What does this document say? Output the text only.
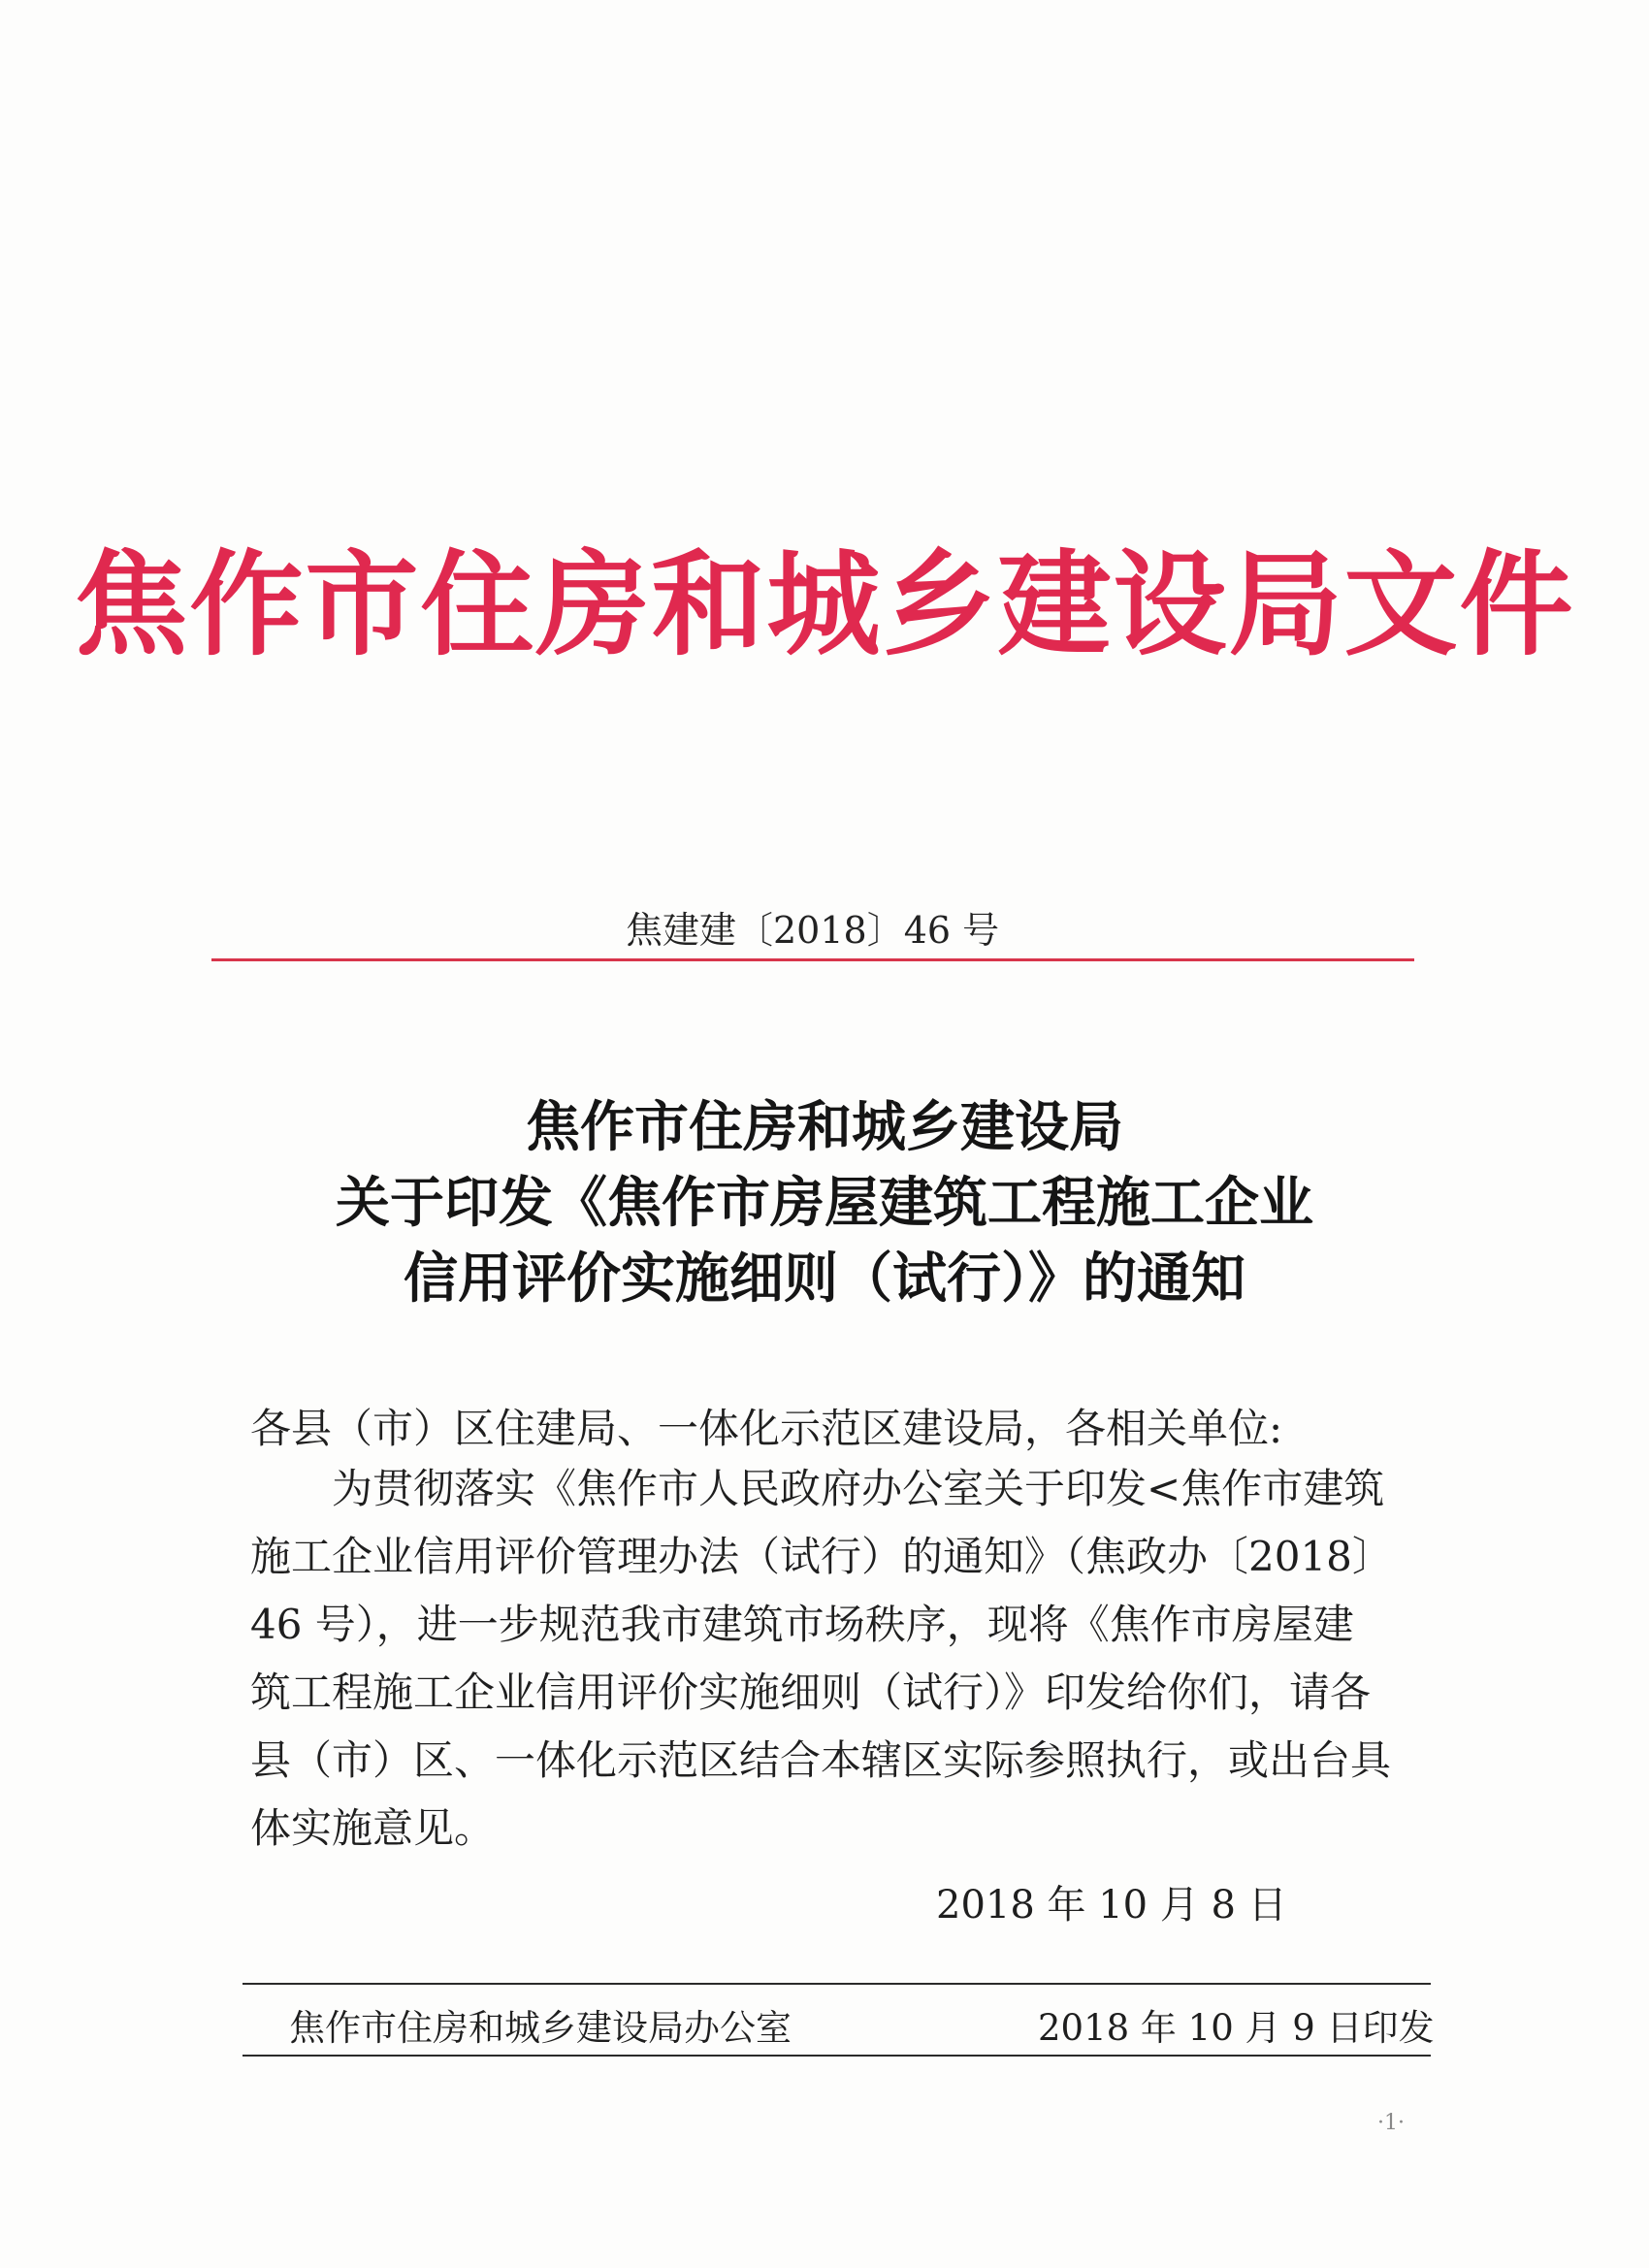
焦作市住房和城乡建设局文件
焦建建〔2018〕46 号
焦作市住房和城乡建设局
关于印发《焦作市房屋建筑工程施工企业
信用评价实施细则（试行）》的通知
各县（市）区住建局、一体化示范区建设局，各相关单位:
为贯彻落实《焦作市人民政府办公室关于印发<焦作市建筑
施工企业信用评价管理办法（试行）的通知》（焦政办〔2018〕
46 号），进一步规范我市建筑市场秩序，现将《焦作市房屋建
筑工程施工企业信用评价实施细则（试行）》印发给你们，请各
县（市）区、一体化示范区结合本辖区实际参照执行，或出台具
体实施意见。
2018 年 10 月 8 日
焦作市住房和城乡建设局办公室	2018 年 10 月 9 日印发
·1·
